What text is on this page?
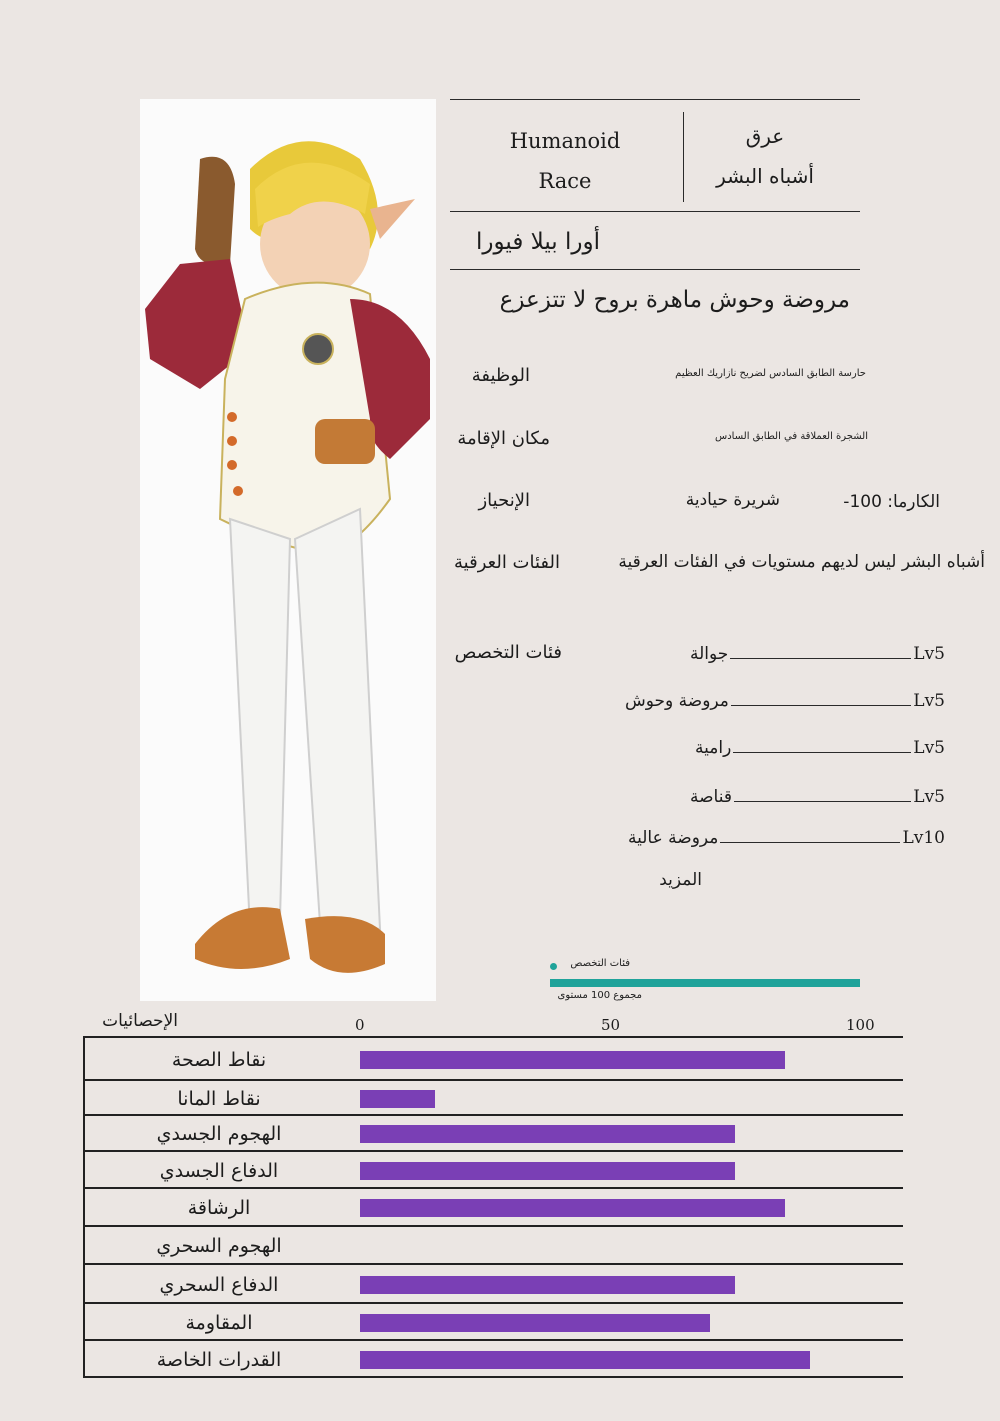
Humanoid
Race
عرق
أشباه البشر
أورا بيلا فيورا
مروضة وحوش ماهرة بروح لا تتزعزع
الوظيفة	حارسة الطابق السادس لضريح نازاريك العظيم
مكان الإقامة	الشجرة العملاقة في الطابق السادس
الإنحياز	شريرة حيادية	الكارما: 100-
الفئات العرقية	أشباه البشر ليس لديهم مستويات في الفئات العرقية
فئات التخصص	جوالة	Lv5
مروضة وحوش	Lv5
رامية	Lv5
قناصة	Lv5
مروضة عالية	Lv10
المزيد
فئات التخصص
مجموع 100 مستوى
الإحصائيات	0	50	100
نقاط الصحة
نقاط المانا
الهجوم الجسدي
الدفاع الجسدي
الرشاقة
الهجوم السحري
الدفاع السحري
المقاومة
القدرات الخاصة
